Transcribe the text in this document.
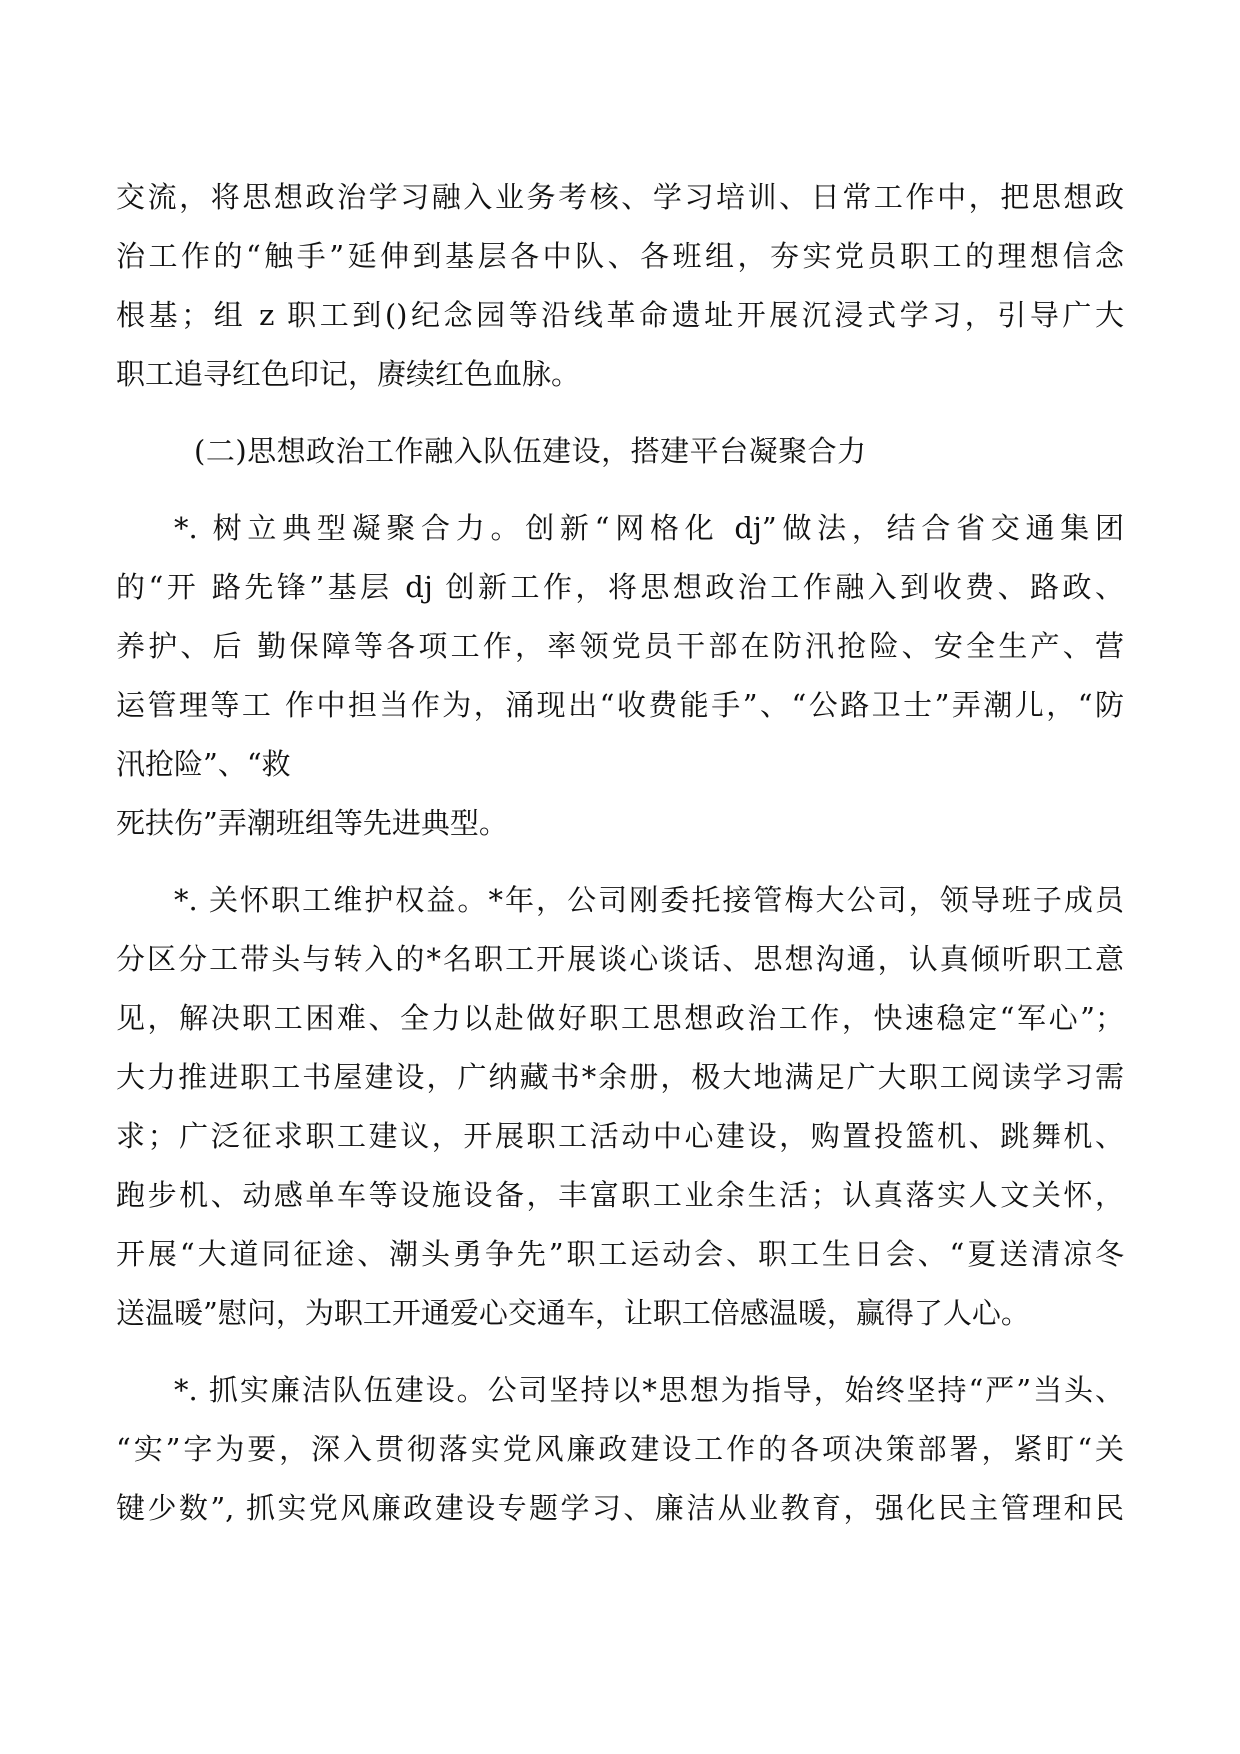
交流，将思想政治学习融入业务考核、学习培训、日常工作中，把思想政
治工作的“触手”延伸到基层各中队、各班组，夯实党员职工的理想信念
根基；组 z 职工到()纪念园等沿线革命遗址开展沉浸式学习，引导广大
职工追寻红色印记，赓续红色血脉。
(二)思想政治工作融入队伍建设，搭建平台凝聚合力
*. 树立典型凝聚合力。创新“网格化 dj”做法，结合省交通集团
的“开 路先锋”基层 dj 创新工作，将思想政治工作融入到收费、路政、
养护、后 勤保障等各项工作，率领党员干部在防汛抢险、安全生产、营
运管理等工 作中担当作为，涌现出“收费能手”、“公路卫士”弄潮儿，“防
汛抢险”、“救
死扶伤”弄潮班组等先进典型。
*. 关怀职工维护权益。*年，公司刚委托接管梅大公司，领导班子成员
分区分工带头与转入的*名职工开展谈心谈话、思想沟通，认真倾听职工意
见，解决职工困难、全力以赴做好职工思想政治工作，快速稳定“军心”；
大力推进职工书屋建设，广纳藏书*余册，极大地满足广大职工阅读学习需
求；广泛征求职工建议，开展职工活动中心建设，购置投篮机、跳舞机、
跑步机、动感单车等设施设备，丰富职工业余生活；认真落实人文关怀，
开展“大道同征途、潮头勇争先”职工运动会、职工生日会、“夏送清凉冬
送温暖”慰问，为职工开通爱心交通车，让职工倍感温暖，赢得了人心。
*. 抓实廉洁队伍建设。公司坚持以*思想为指导，始终坚持“严”当头、
“实”字为要，深入贯彻落实党风廉政建设工作的各项决策部署，紧盯“关
键少数”, 抓实党风廉政建设专题学习、廉洁从业教育，强化民主管理和民
